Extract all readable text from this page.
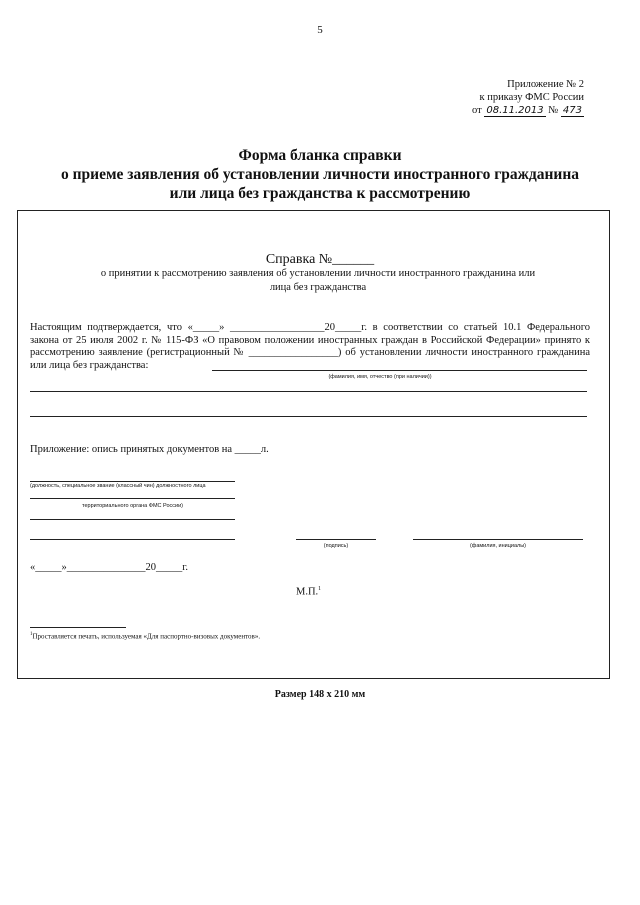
5
Приложение № 2
к приказу ФМС России
от 08.11.2013 № 473
Форма бланка справки
о приеме заявления об установлении личности иностранного гражданина
или лица без гражданства к рассмотрению
Справка №______
о принятии к рассмотрению заявления об установлении личности иностранного гражданина или
лица без гражданства
Настоящим подтверждается, что «_____» __________________20_____г. в соответствии со статьей 10.1 Федерального закона от 25 июля 2002 г. № 115-ФЗ «О правовом положении иностранных граждан в Российской Федерации» принято к рассмотрению заявление (регистрационный № _________________) об установлении личности иностранного гражданина или лица без гражданства:
(фамилия, имя, отчество (при наличии))
Приложение: опись принятых документов на _____л.
(должность, специальное звание (классный чин) должностного лица
территориального органа ФМС России)
(подпись)	(фамилия, инициалы)
«_____»_______________20_____г.
М.П.$^1$
$^1$Проставляется печать, используемая «Для паспортно-визовых документов».
Размер 148 х 210 мм
